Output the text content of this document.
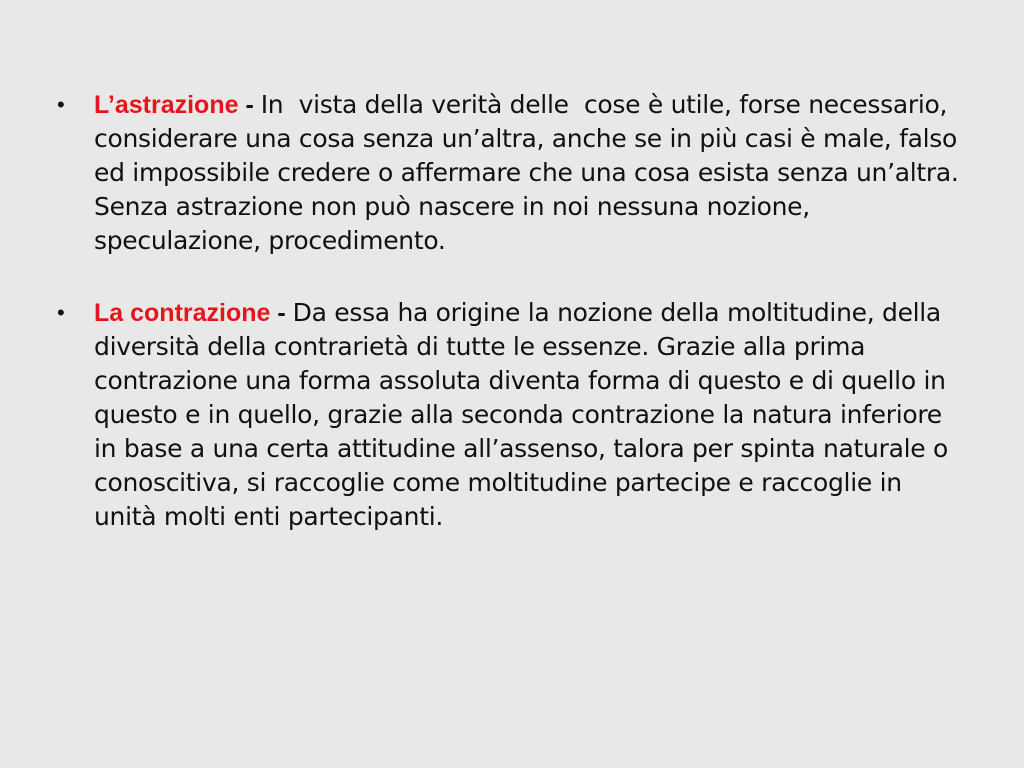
• L’astrazione - In  vista della verità delle  cose è utile, forse necessario, considerare una cosa senza un’altra, anche se in più casi è male, falso ed impossibile credere o affermare che una cosa esista senza un’altra. Senza astrazione non può nascere in noi nessuna nozione, speculazione, procedimento.
• La contrazione - Da essa ha origine la nozione della moltitudine, della diversità della contrarietà di tutte le essenze. Grazie alla prima contrazione una forma assoluta diventa forma di questo e di quello in questo e in quello, grazie alla seconda contrazione la natura inferiore in base a una certa attitudine all’assenso, talora per spinta naturale o conoscitiva, si raccoglie come moltitudine partecipe e raccoglie in unità molti enti partecipanti.
